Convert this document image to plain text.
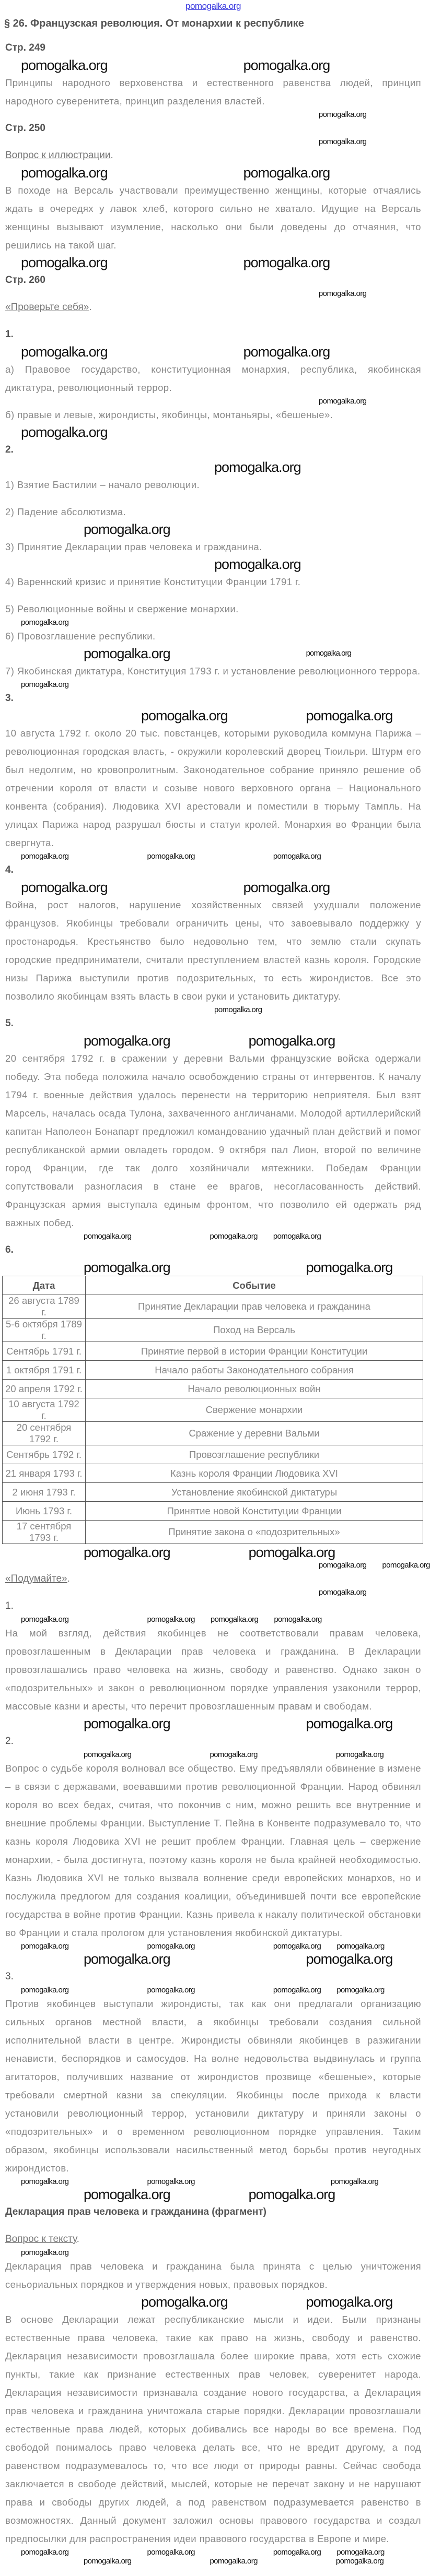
pomogalka.org
§ 26. Французская революция. От монархии к республике
Стр. 249
pomogalka.org	pomogalka.org

Принципы народного верховенства и естественного равенства людей, принцип народного суверенитета, принцип разделения властей.

pomogalka.org
Стр. 250
pomogalka.org
Вопрос к иллюстрации.
pomogalka.org	pomogalka.org

В походе на Версаль участвовали преимущественно женщины, которые отчаялись ждать в очередях у лавок хлеб, которого сильно не хватало. Идущие на Версаль женщины вызывают изумление, насколько они были доведены до отчаяния, что решились на такой шаг.

pomogalka.org	pomogalka.org
Стр. 260
pomogalka.org
«Проверьте себя».
1.
pomogalka.org	pomogalka.org

а) Правовое государство, конституционная монархия, республика, якобинская диктатура, революционный террор.

pomogalka.org

б) правые и левые, жирондисты, якобинцы, монтаньяры, «бешеные».

pomogalka.org
2.
pomogalka.org

1) Взятие Бастилии – начало революции.

2) Падение абсолютизма.

pomogalka.org

3) Принятие Декларации прав человека и гражданина.

pomogalka.org

4) Вареннский кризис и принятие Конституции Франции 1791 г.

5) Революционные войны и свержение монархии.

pomogalka.org

6) Провозглашение республики.

pomogalka.org	pomogalka.org

7) Якобинская диктатура, Конституция 1793 г. и установление революционного террора.

pomogalka.org
3.
pomogalka.org	pomogalka.org

10 августа 1792 г. около 20 тыс. повстанцев, которыми руководила коммуна Парижа – революционная городская власть, - окружили королевский дворец Тюильри. Штурм его был недолгим, но кровопролитным. Законодательное собрание приняло решение об отречении короля от власти и созыве нового верховного органа – Национального конвента (собрания). Людовика XVI арестовали и поместили в тюрьму Тампль. На улицах Парижа народ разрушал бюсты и статуи кролей. Монархия во Франции была свергнута.

pomogalka.org	pomogalka.org	pomogalka.org
4.
pomogalka.org	pomogalka.org

Война, рост налогов, нарушение хозяйственных связей ухудшали положение французов. Якобинцы требовали ограничить цены, что завоевывало поддержку у простонародья. Крестьянство было недовольно тем, что землю стали скупать городские предприниматели, считали преступлением властей казнь короля. Городские низы Парижа выступили против подозрительных, то есть жирондистов. Все это позволило якобинцам взять власть в свои руки и установить диктатуру.

pomogalka.org
5.
pomogalka.org	pomogalka.org

20 сентября 1792 г. в сражении у деревни Вальми французские войска одержали победу. Эта победа положила начало освобождению страны от интервентов. К началу 1794 г. военные действия удалось перенести на территорию неприятеля. Был взят Марсель, началась осада Тулона, захваченного англичанами. Молодой артиллерийский капитан Наполеон Бонапарт предложил командованию удачный план действий и помог республиканской армии овладеть городом. 9 октября пал Лион, второй по величине город Франции, где так долго хозяйничали мятежники. Победам Франции сопутствовали разногласия в стане ее врагов, несогласованность действий. Французская армия выступала единым фронтом, что позволило ей одержать ряд важных побед.

pomogalka.org	pomogalka.org pomogalka.org
6.
pomogalka.org	pomogalka.org
Дата	Событие
26 августа 1789 г.	Принятие Декларации прав человека и гражданина
5-6 октября 1789 г.	Поход на Версаль
Сентябрь 1791 г.	Принятие первой в истории Франции Конституции
1 октября 1791 г.	Начало работы Законодательного собрания
20 апреля 1792 г.	Начало революционных войн
10 августа 1792 г.	Свержение монархии
20 сентября 1792 г.	Сражение у деревни Вальми
Сентябрь 1792 г.	Провозглашение республики
21 января 1793 г.	Казнь короля Франции Людовика XVI
2 июня 1793 г.	Установление якобинской диктатуры
Июнь 1793 г.	Принятие новой Конституции Франции
17 сентября 1793 г.	Принятие закона о «подозрительных»
pomogalka.org	pomogalka.org
pomogalka.org pomogalka.org
«Подумайте».
pomogalka.org
1.
pomogalka.org	pomogalka.org pomogalka.org pomogalka.org

На мой взгляд, действия якобинцев не соответствовали правам человека, провозглашенным в Декларации прав человека и гражданина. В Декларации провозглашались право человека на жизнь, свободу и равенство. Однако закон о «подозрительных» и закон о революционном порядке управления узаконили террор, массовые казни и аресты, что перечит провозглашенным правам и свободам.

pomogalka.org	pomogalka.org
2.
pomogalka.org	pomogalka.org	pomogalka.org

Вопрос о судьбе короля волновал все общество. Ему предъявляли обвинение в измене – в связи с державами, воевавшими против революционной Франции. Народ обвинял короля во всех бедах, считая, что покончив с ним, можно решить все внутренние и внешние проблемы Франции. Выступление Т. Пейна в Конвенте подразумевало то, что казнь короля Людовика XVI не решит проблем Франции. Главная цель – свержение монархии, - была достигнута, поэтому казнь короля не была крайней необходимостью. Казнь Людовика XVI не только вызвала волнение среди европейских монархов, но и послужила предлогом для создания коалиции, объединившей почти все европейские государства в войне против Франции. Казнь привела к накалу политической обстановки во Франции и стала прологом для установления якобинской диктатуры.

pomogalka.org	pomogalka.org	pomogalka.org pomogalka.org
pomogalka.org	pomogalka.org
3.
pomogalka.org	pomogalka.org	pomogalka.org pomogalka.org

Против якобинцев выступали жирондисты, так как они предлагали организацию сильных органов местной власти, а якобинцы требовали создания сильной исполнительной власти в центре. Жирондисты обвиняли якобинцев в разжигании ненависти, беспорядков и самосудов. На волне недовольства выдвинулась и группа агитаторов, получивших название от жирондистов прозвище «бешеные», которые требовали смертной казни за спекуляции. Якобинцы после прихода к власти установили революционный террор, установили диктатуру и приняли законы о «подозрительных» и о временном революционном порядке управления. Таким образом, якобинцы использовали насильственный метод борьбы против неугодных жирондистов.

pomogalka.org	pomogalka.org	pomogalka.org
pomogalka.org	pomogalka.org
Декларация прав человека и гражданина (фрагмент)
Вопрос к тексту.
pomogalka.org

Декларация прав человека и гражданина была принята с целью уничтожения сеньориальных порядков и утверждения новых, правовых порядков.

pomogalka.org	pomogalka.org

В основе Декларации лежат республиканские мысли и идеи. Были признаны естественные права человека, такие как право на жизнь, свободу и равенство. Декларация независимости провозглашала более широкие права, хотя есть схожие пункты, такие как признание естественных прав человек, суверенитет народа. Декларация независимости признавала создание нового государства, а Декларация прав человека и гражданина уничтожала старые порядки. Декларации провозглашали естественные права людей, которых добивались все народы во все времена. Под свободой понималось право человека делать все, что не вредит другому, а под равенством подразумевалось то, что все люди от природы равны. Сейчас свобода заключается в свободе действий, мыслей, которые не перечат закону и не нарушают права и свободы других людей, а под равенством подразумевается равенство в возможностях. Данный документ заложил основы правового государства и создал предпосылки для распространения идеи правового государства в Европе и мире.

pomogalka.org	pomogalka.org	pomogalka.org pomogalka.org
pomogalka.org	pomogalka.org	pomogalka.org
